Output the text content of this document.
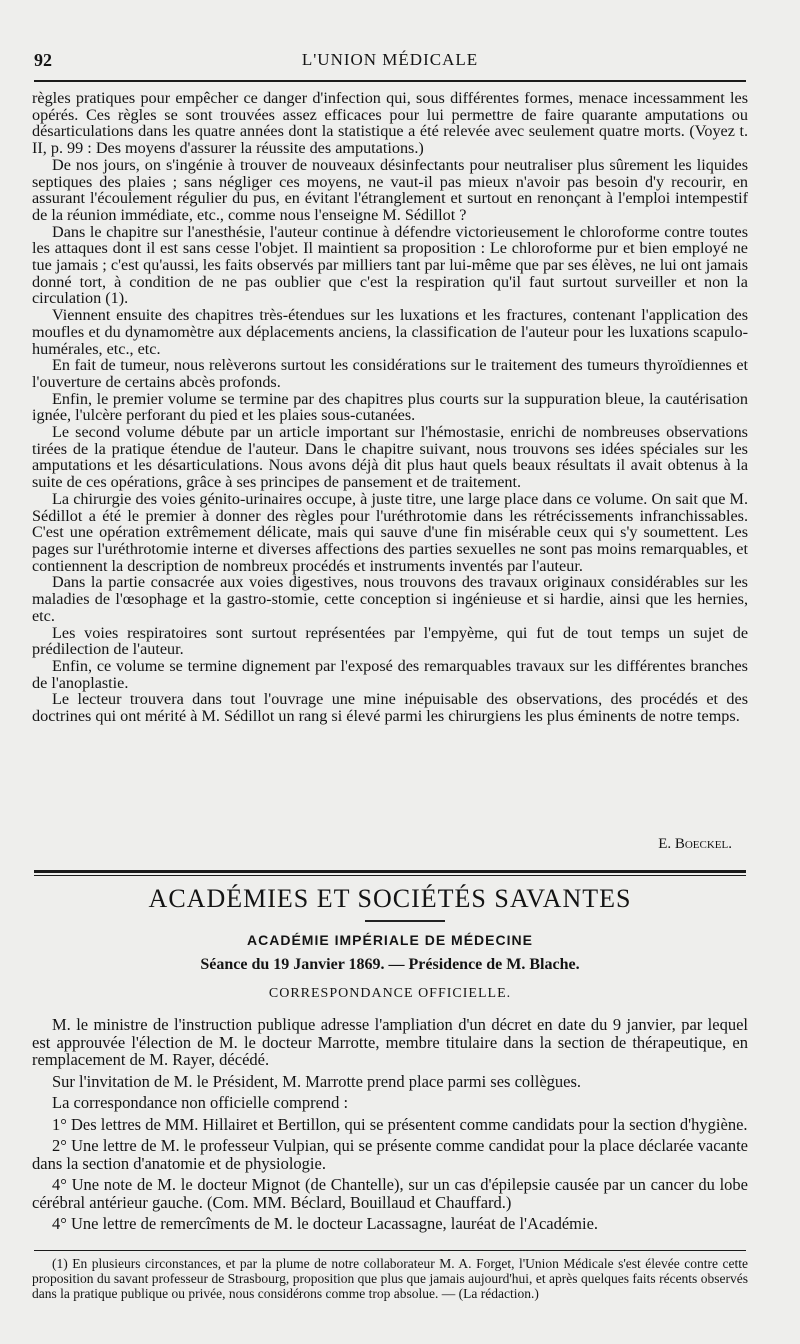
92	L'UNION MÉDICALE

règles pratiques pour empêcher ce danger d'infection qui, sous différentes formes, menace incessamment les opérés. Ces règles se sont trouvées assez efficaces pour lui permettre de faire quarante amputations ou désarticulations dans les quatre années dont la statistique a été relevée avec seulement quatre morts. (Voyez t. II, p. 99 : Des moyens d'assurer la réussite des amputations.)

De nos jours, on s'ingénie à trouver de nouveaux désinfectants pour neutraliser plus sûrement les liquides septiques des plaies ; sans négliger ces moyens, ne vaut-il pas mieux n'avoir pas besoin d'y recourir, en assurant l'écoulement régulier du pus, en évitant l'étranglement et surtout en renonçant à l'emploi intempestif de la réunion immédiate, etc., comme nous l'enseigne M. Sédillot ?

Dans le chapitre sur l'anesthésie, l'auteur continue à défendre victorieusement le chloroforme contre toutes les attaques dont il est sans cesse l'objet. Il maintient sa proposition : Le chloroforme pur et bien employé ne tue jamais ; c'est qu'aussi, les faits observés par milliers tant par lui-même que par ses élèves, ne lui ont jamais donné tort, à condition de ne pas oublier que c'est la respiration qu'il faut surtout surveiller et non la circulation (1).

Viennent ensuite des chapitres très-étendues sur les luxations et les fractures, contenant l'application des moufles et du dynamomètre aux déplacements anciens, la classification de l'auteur pour les luxations scapulo-humérales, etc., etc.

En fait de tumeur, nous relèverons surtout les considérations sur le traitement des tumeurs thyroïdiennes et l'ouverture de certains abcès profonds.

Enfin, le premier volume se termine par des chapitres plus courts sur la suppuration bleue, la cautérisation ignée, l'ulcère perforant du pied et les plaies sous-cutanées.

Le second volume débute par un article important sur l'hémostasie, enrichi de nombreuses observations tirées de la pratique étendue de l'auteur. Dans le chapitre suivant, nous trouvons ses idées spéciales sur les amputations et les désarticulations. Nous avons déjà dit plus haut quels beaux résultats il avait obtenus à la suite de ces opérations, grâce à ses principes de pansement et de traitement.

La chirurgie des voies génito-urinaires occupe, à juste titre, une large place dans ce volume. On sait que M. Sédillot a été le premier à donner des règles pour l'uréthrotomie dans les rétrécissements infranchissables. C'est une opération extrêmement délicate, mais qui sauve d'une fin misérable ceux qui s'y soumettent. Les pages sur l'uréthrotomie interne et diverses affections des parties sexuelles ne sont pas moins remarquables, et contiennent la description de nombreux procédés et instruments inventés par l'auteur.

Dans la partie consacrée aux voies digestives, nous trouvons des travaux originaux considérables sur les maladies de l'œsophage et la gastro-stomie, cette conception si ingénieuse et si hardie, ainsi que les hernies, etc.

Les voies respiratoires sont surtout représentées par l'empyème, qui fut de tout temps un sujet de prédilection de l'auteur.

Enfin, ce volume se termine dignement par l'exposé des remarquables travaux sur les différentes branches de l'anoplastie.

Le lecteur trouvera dans tout l'ouvrage une mine inépuisable des observations, des procédés et des doctrines qui ont mérité à M. Sédillot un rang si élevé parmi les chirurgiens les plus éminents de notre temps.

E. Boeckel.
ACADÉMIES ET SOCIÉTÉS SAVANTES
ACADÉMIE IMPÉRIALE DE MÉDECINE
Séance du 19 Janvier 1869. — Présidence de M. Blache.
CORRESPONDANCE OFFICIELLE.

M. le ministre de l'instruction publique adresse l'ampliation d'un décret en date du 9 janvier, par lequel est approuvée l'élection de M. le docteur Marrotte, membre titulaire dans la section de thérapeutique, en remplacement de M. Rayer, décédé.

Sur l'invitation de M. le Président, M. Marrotte prend place parmi ses collègues.

La correspondance non officielle comprend :

1° Des lettres de MM. Hillairet et Bertillon, qui se présentent comme candidats pour la section d'hygiène.

2° Une lettre de M. le professeur Vulpian, qui se présente comme candidat pour la place déclarée vacante dans la section d'anatomie et de physiologie.

4° Une note de M. le docteur Mignot (de Chantelle), sur un cas d'épilepsie causée par un cancer du lobe cérébral antérieur gauche. (Com. MM. Béclard, Bouillaud et Chauffard.)

4° Une lettre de remercîments de M. le docteur Lacassagne, lauréat de l'Académie.

(1) En plusieurs circonstances, et par la plume de notre collaborateur M. A. Forget, l'Union Médicale s'est élevée contre cette proposition du savant professeur de Strasbourg, proposition que plus que jamais aujourd'hui, et après quelques faits récents observés dans la pratique publique ou privée, nous considérons comme trop absolue. — (La rédaction.)
